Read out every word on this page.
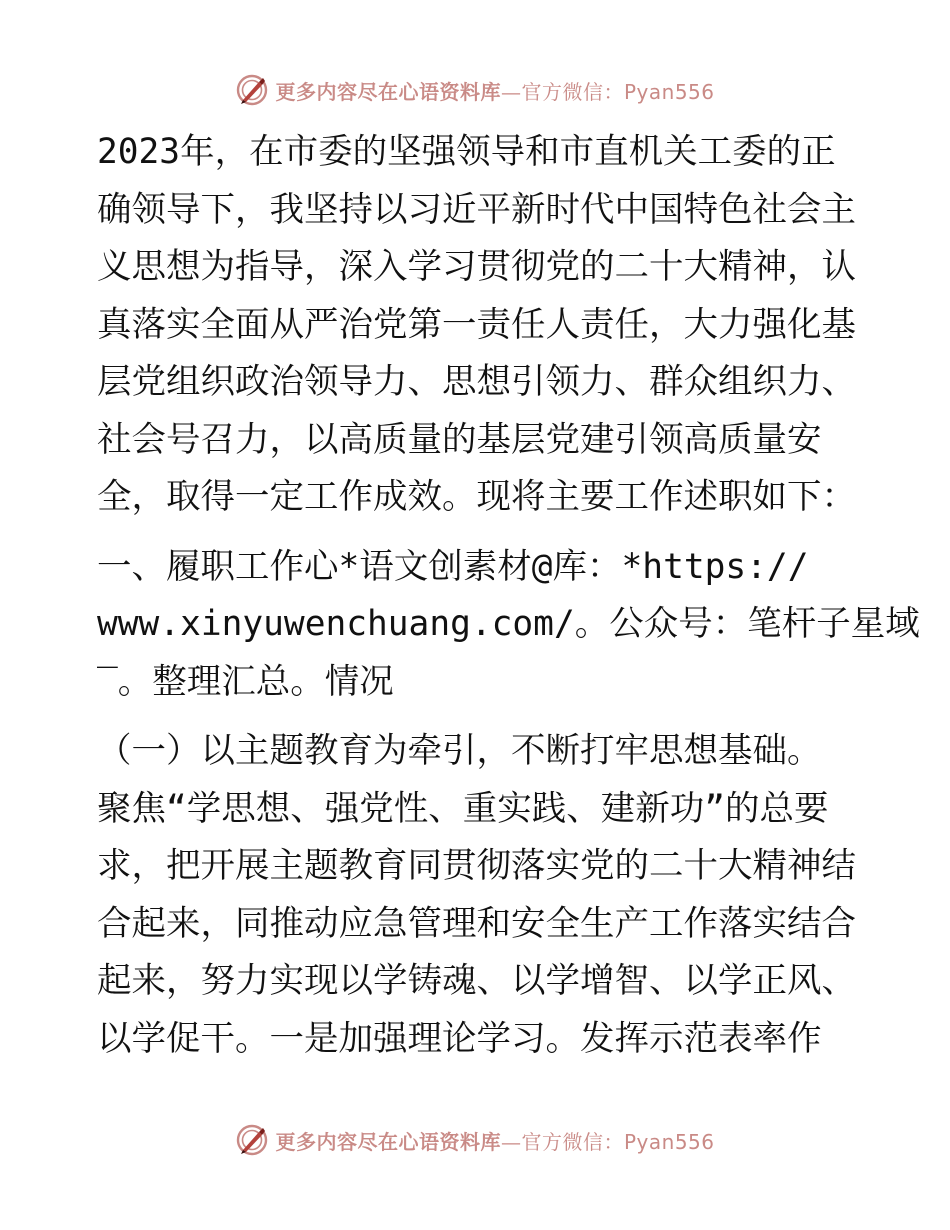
更多内容尽在心语资料库—官方微信：Pyan556

2023年，在市委的坚强领导和市直机关工委的正
确领导下，我坚持以习近平新时代中国特色社会主
义思想为指导，深入学习贯彻党的二十大精神，认
真落实全面从严治党第一责任人责任，大力强化基
层党组织政治领导力、思想引领力、群众组织力、
社会号召力，以高质量的基层党建引领高质量安
全，取得一定工作成效。现将主要工作述职如下：

一、履职工作心*语文创素材@库：*https://
www.xinyuwenchuang.com/。公众号：笔杆子星域
‾。整理汇总。情况

（一）以主题教育为牵引，不断打牢思想基础。
聚焦“学思想、强党性、重实践、建新功”的总要
求，把开展主题教育同贯彻落实党的二十大精神结
合起来，同推动应急管理和安全生产工作落实结合
起来，努力实现以学铸魂、以学增智、以学正风、
以学促干。一是加强理论学习。发挥示范表率作

更多内容尽在心语资料库—官方微信：Pyan556
